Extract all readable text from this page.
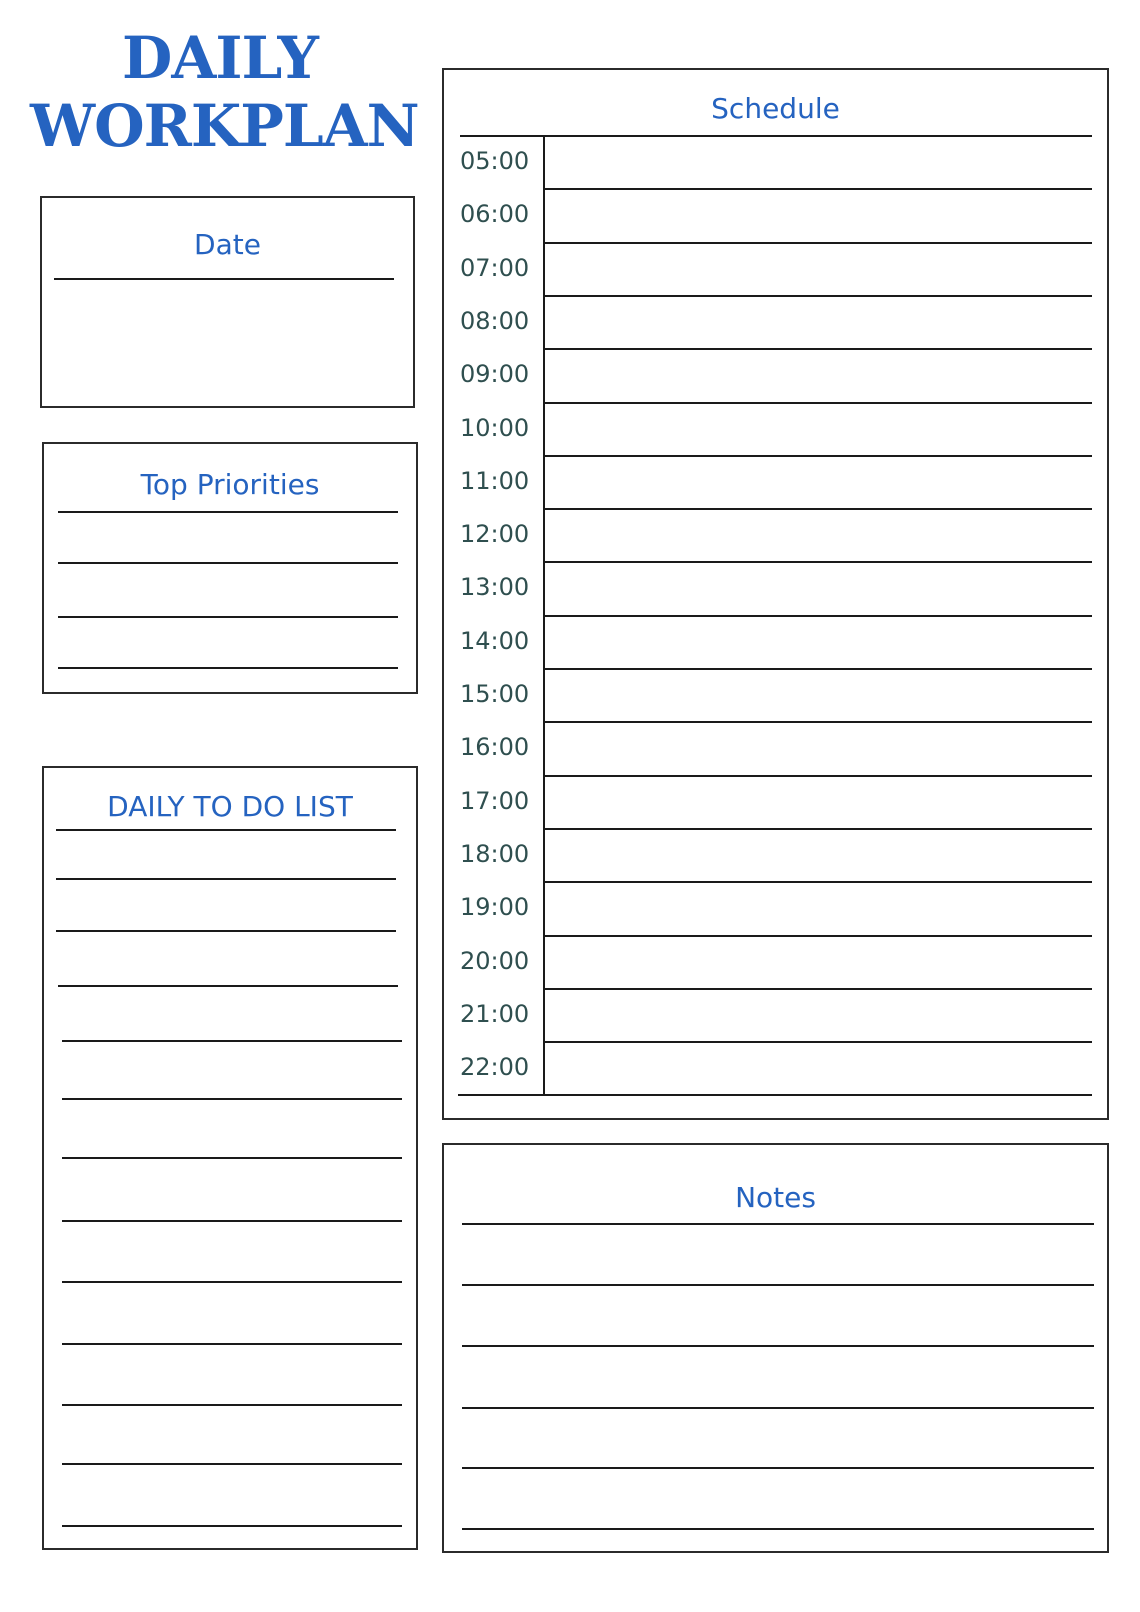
DAILY
WORKPLAN
Date
Top Priorities
DAILY TO DO LIST
Schedule
05:00
06:00
07:00
08:00
09:00
10:00
11:00
12:00
13:00
14:00
15:00
16:00
17:00
18:00
19:00
20:00
21:00
22:00
Notes
